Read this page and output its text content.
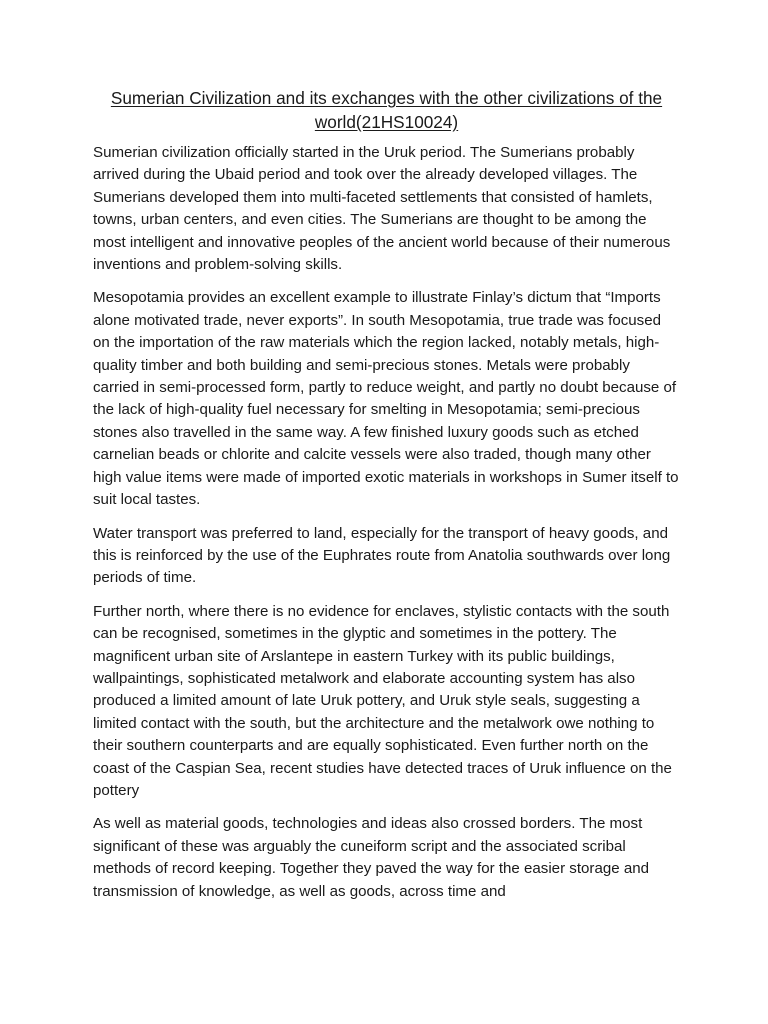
Sumerian Civilization and its exchanges with the other civilizations of the world(21HS10024)

Sumerian civilization officially started in the Uruk period. The Sumerians probably arrived during the Ubaid period and took over the already developed villages. The Sumerians developed them into multi-faceted settlements that consisted of hamlets, towns, urban centers, and even cities. The Sumerians are thought to be among the most intelligent and innovative peoples of the ancient world because of their numerous inventions and problem-solving skills.

Mesopotamia provides an excellent example to illustrate Finlay’s dictum that “Imports alone motivated trade, never exports”. In south Mesopotamia, true trade was focused on the importation of the raw materials which the region lacked, notably metals, high-quality timber and both building and semi-precious stones. Metals were probably carried in semi-processed form, partly to reduce weight, and partly no doubt because of the lack of high-quality fuel necessary for smelting in Mesopotamia; semi-precious stones also travelled in the same way. A few finished luxury goods such as etched carnelian beads or chlorite and calcite vessels were also traded, though many other high value items were made of imported exotic materials in workshops in Sumer itself to suit local tastes.

Water transport was preferred to land, especially for the transport of heavy goods, and this is reinforced by the use of the Euphrates route from Anatolia southwards over long periods of time.

Further north, where there is no evidence for enclaves, stylistic contacts with the south can be recognised, sometimes in the glyptic and sometimes in the pottery. The magnificent urban site of Arslantepe in eastern Turkey with its public buildings, wallpaintings, sophisticated metalwork and elaborate accounting system has also produced a limited amount of late Uruk pottery, and Uruk style seals, suggesting a limited contact with the south, but the architecture and the metalwork owe nothing to their southern counterparts and are equally sophisticated. Even further north on the coast of the Caspian Sea, recent studies have detected traces of Uruk influence on the pottery

As well as material goods, technologies and ideas also crossed borders. The most significant of these was arguably the cuneiform script and the associated scribal methods of record keeping. Together they paved the way for the easier storage and transmission of knowledge, as well as goods, across time and
